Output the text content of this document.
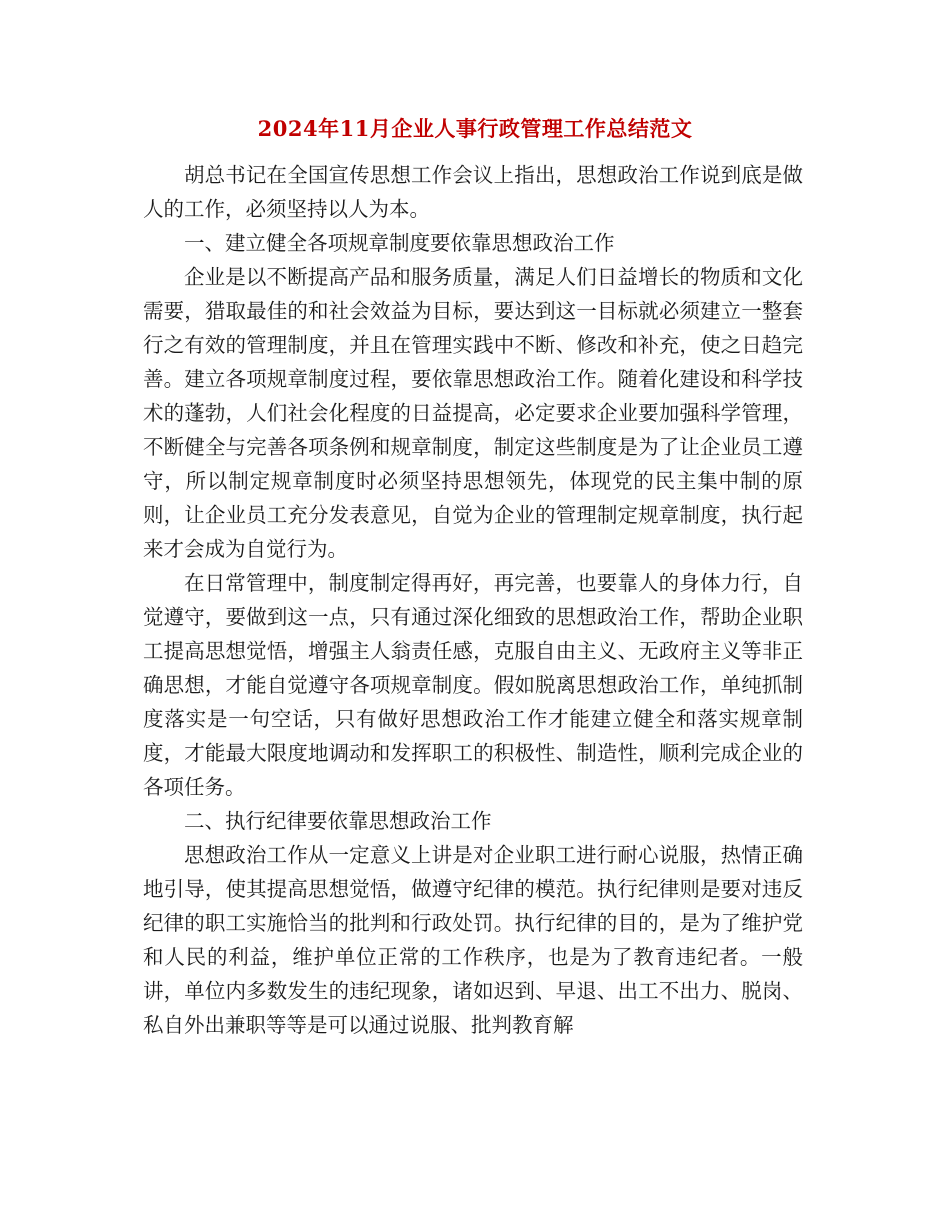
2024年11月企业人事行政管理工作总结范文

胡总书记在全国宣传思想工作会议上指出，思想政治工作说到底是做人的工作，必须坚持以人为本。

一、建立健全各项规章制度要依靠思想政治工作

企业是以不断提高产品和服务质量，满足人们日益增长的物质和文化需要，猎取最佳的和社会效益为目标，要达到这一目标就必须建立一整套行之有效的管理制度，并且在管理实践中不断、修改和补充，使之日趋完善。建立各项规章制度过程，要依靠思想政治工作。随着化建设和科学技术的蓬勃，人们社会化程度的日益提高，必定要求企业要加强科学管理，不断健全与完善各项条例和规章制度，制定这些制度是为了让企业员工遵守，所以制定规章制度时必须坚持思想领先，体现党的民主集中制的原则，让企业员工充分发表意见，自觉为企业的管理制定规章制度，执行起来才会成为自觉行为。

在日常管理中，制度制定得再好，再完善，也要靠人的身体力行，自觉遵守，要做到这一点，只有通过深化细致的思想政治工作，帮助企业职工提高思想觉悟，增强主人翁责任感，克服自由主义、无政府主义等非正确思想，才能自觉遵守各项规章制度。假如脱离思想政治工作，单纯抓制度落实是一句空话，只有做好思想政治工作才能建立健全和落实规章制度，才能最大限度地调动和发挥职工的积极性、制造性，顺利完成企业的各项任务。

二、执行纪律要依靠思想政治工作

思想政治工作从一定意义上讲是对企业职工进行耐心说服，热情正确地引导，使其提高思想觉悟，做遵守纪律的模范。执行纪律则是要对违反纪律的职工实施恰当的批判和行政处罚。执行纪律的目的，是为了维护党和人民的利益，维护单位正常的工作秩序，也是为了教育违纪者。一般讲，单位内多数发生的违纪现象，诸如迟到、早退、出工不出力、脱岗、私自外出兼职等等是可以通过说服、批判教育解
